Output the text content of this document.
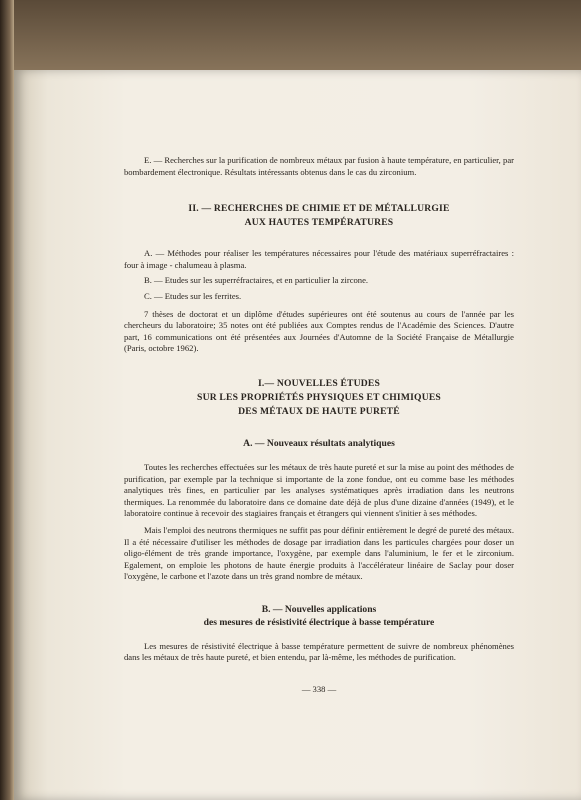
E. — Recherches sur la purification de nombreux métaux par fusion à haute température, en particulier, par bombardement électronique. Résultats intéressants obtenus dans le cas du zirconium.

II. — RECHERCHES DE CHIMIE ET DE MÉTALLURGIE
AUX HAUTES TEMPÉRATURES

A. — Méthodes pour réaliser les températures nécessaires pour l'étude des matériaux superréfractaires : four à image - chalumeau à plasma.

B. — Etudes sur les superréfractaires, et en particulier la zircone.

C. — Etudes sur les ferrites.

7 thèses de doctorat et un diplôme d'études supérieures ont été soutenus au cours de l'année par les chercheurs du laboratoire; 35 notes ont été publiées aux Comptes rendus de l'Académie des Sciences. D'autre part, 16 communications ont été présentées aux Journées d'Automne de la Société Française de Métallurgie (Paris, octobre 1962).

I.— NOUVELLES ÉTUDES
SUR LES PROPRIÉTÉS PHYSIQUES ET CHIMIQUES
DES MÉTAUX DE HAUTE PURETÉ
A. — Nouveaux résultats analytiques

Toutes les recherches effectuées sur les métaux de très haute pureté et sur la mise au point des méthodes de purification, par exemple par la technique si importante de la zone fondue, ont eu comme base les méthodes analytiques très fines, en particulier par les analyses systématiques après irradiation dans les neutrons thermiques. La renommée du laboratoire dans ce domaine date déjà de plus d'une dizaine d'années (1949), et le laboratoire continue à recevoir des stagiaires français et étrangers qui viennent s'initier à ses méthodes.

Mais l'emploi des neutrons thermiques ne suffit pas pour définir entièrement le degré de pureté des métaux. Il a été nécessaire d'utiliser les méthodes de dosage par irradiation dans les particules chargées pour doser un oligo-élément de très grande importance, l'oxygène, par exemple dans l'aluminium, le fer et le zirconium. Egalement, on emploie les photons de haute énergie produits à l'accélérateur linéaire de Saclay pour doser l'oxygène, le carbone et l'azote dans un très grand nombre de métaux.

B. — Nouvelles applications
des mesures de résistivité électrique à basse température

Les mesures de résistivité électrique à basse température permettent de suivre de nombreux phénomènes dans les métaux de très haute pureté, et bien entendu, par là-même, les méthodes de purification.

— 338 —
